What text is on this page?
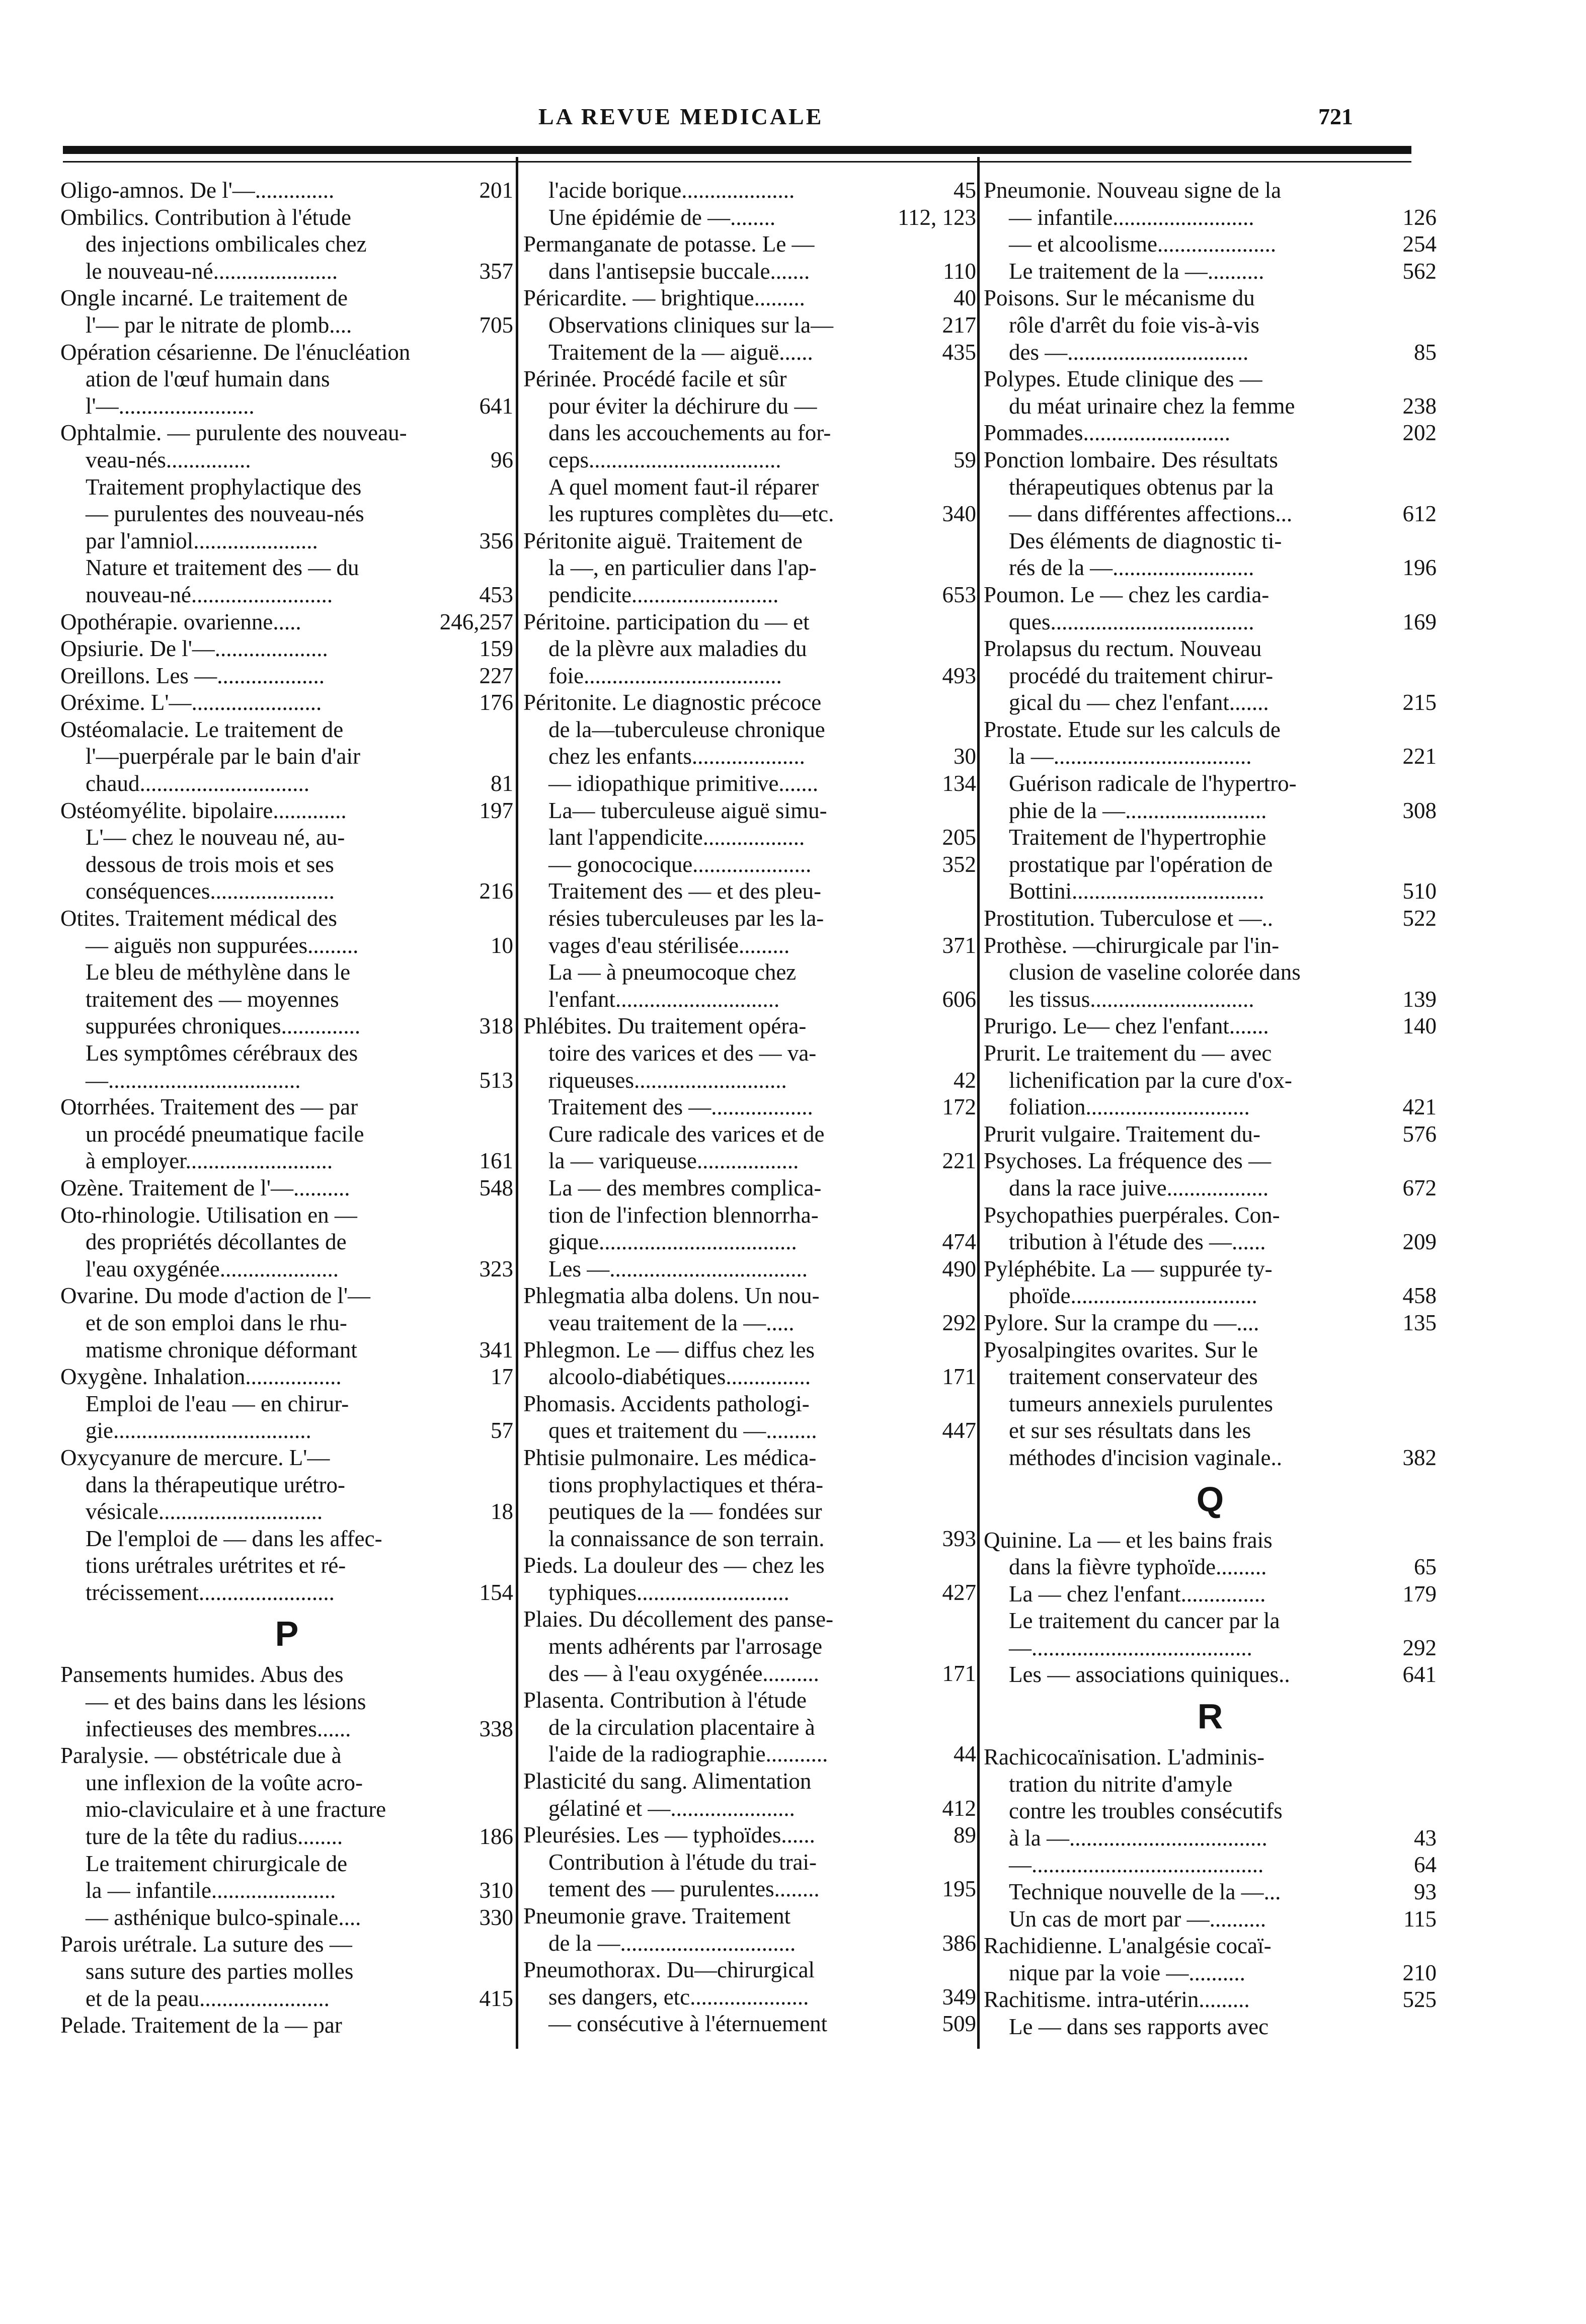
LA REVUE MEDICALE	721
Oligo-amnos. De l'—..............	201
Ombilics. Contribution à l'étude
des injections ombilicales chez
le nouveau-né......................	357
Ongle incarné. Le traitement de
l'— par le nitrate de plomb....	705
Opération césarienne. De l'énucléation
ation de l'œuf humain dans
l'—........................	641
Ophtalmie. — purulente des nouveau-
veau-nés...............	96
Traitement prophylactique des
— purulentes des nouveau-nés
par l'amniol......................	356
Nature et traitement des — du
nouveau-né.........................	453
Opothérapie. ovarienne.....	246,257
Opsiurie. De l'—....................	159
Oreillons. Les —...................	227
Oréxime. L'—.......................	176
Ostéomalacie. Le traitement de
l'—puerpérale par le bain d'air
chaud..............................	81
Ostéomyélite. bipolaire.............	197
L'— chez le nouveau né, au-
dessous de trois mois et ses
conséquences......................	216
Otites. Traitement médical des
— aiguës non suppurées.........	10
Le bleu de méthylène dans le
traitement des — moyennes
suppurées chroniques..............	318
Les symptômes cérébraux des
—..................................	513
Otorrhées. Traitement des — par
un procédé pneumatique facile
à employer..........................	161
Ozène. Traitement de l'—..........	548
Oto-rhinologie. Utilisation en —
des propriétés décollantes de
l'eau oxygénée.....................	323
Ovarine. Du mode d'action de l'—
et de son emploi dans le rhu-
matisme chronique déformant	341
Oxygène. Inhalation.................	17
Emploi de l'eau — en chirur-
gie...................................	57
Oxycyanure de mercure. L'—
dans la thérapeutique urétro-
vésicale.............................	18
De l'emploi de — dans les affec-
tions urétrales urétrites et ré-
trécissement........................	154
P
Pansements humides. Abus des
— et des bains dans les lésions
infectieuses des membres......	338
Paralysie. — obstétricale due à
une inflexion de la voûte acro-
mio-claviculaire et à une fracture
ture de la tête du radius........	186
Le traitement chirurgicale de
la — infantile......................	310
— asthénique bulco-spinale....	330
Parois urétrale. La suture des —
sans suture des parties molles
et de la peau.......................	415
Pelade. Traitement de la — par
l'acide borique....................	45
Une épidémie de —........	112, 123
Permanganate de potasse. Le —
dans l'antisepsie buccale.......	110
Péricardite. — brightique.........	40
Observations cliniques sur la—	217
Traitement de la — aiguë......	435
Périnée. Procédé facile et sûr
pour éviter la déchirure du —
dans les accouchements au for-
ceps..................................	59
A quel moment faut-il réparer
les ruptures complètes du—etc.	340
Péritonite aiguë. Traitement de
la —, en particulier dans l'ap-
pendicite..........................	653
Péritoine. participation du — et
de la plèvre aux maladies du
foie...................................	493
Péritonite. Le diagnostic précoce
de la—tuberculeuse chronique
chez les enfants....................	30
— idiopathique primitive.......	134
La— tuberculeuse aiguë simu-
lant l'appendicite..................	205
— gonococique.....................	352
Traitement des — et des pleu-
résies tuberculeuses par les la-
vages d'eau stérilisée.........	371
La — à pneumocoque chez
l'enfant.............................	606
Phlébites. Du traitement opéra-
toire des varices et des — va-
riqueuses...........................	42
Traitement des —..................	172
Cure radicale des varices et de
la — variqueuse..................	221
La — des membres complica-
tion de l'infection blennorrha-
gique...................................	474
Les —...................................	490
Phlegmatia alba dolens. Un nou-
veau traitement de la —.....	292
Phlegmon. Le — diffus chez les
alcoolo-diabétiques...............	171
Phomasis. Accidents pathologi-
ques et traitement du —.........	447
Phtisie pulmonaire. Les médica-
tions prophylactiques et théra-
peutiques de la — fondées sur
la connaissance de son terrain.	393
Pieds. La douleur des — chez les
typhiques...........................	427
Plaies. Du décollement des panse-
ments adhérents par l'arrosage
des — à l'eau oxygénée..........	171
Plasenta. Contribution à l'étude
de la circulation placentaire à
l'aide de la radiographie...........	44
Plasticité du sang. Alimentation
gélatiné et —......................	412
Pleurésies. Les — typhoïdes......	89
Contribution à l'étude du trai-
tement des — purulentes........	195
Pneumonie grave. Traitement
de la —...............................	386
Pneumothorax. Du—chirurgical
ses dangers, etc.....................	349
— consécutive à l'éternuement	509
Pneumonie. Nouveau signe de la
— infantile.........................	126
— et alcoolisme.....................	254
Le traitement de la —..........	562
Poisons. Sur le mécanisme du
rôle d'arrêt du foie vis-à-vis
des —................................	85
Polypes. Etude clinique des —
du méat urinaire chez la femme	238
Pommades..........................	202
Ponction lombaire. Des résultats
thérapeutiques obtenus par la
— dans différentes affections...	612
Des éléments de diagnostic ti-
rés de la —.........................	196
Poumon. Le — chez les cardia-
ques....................................	169
Prolapsus du rectum. Nouveau
procédé du traitement chirur-
gical du — chez l'enfant.......	215
Prostate. Etude sur les calculs de
la —...................................	221
Guérison radicale de l'hypertro-
phie de la —.........................	308
Traitement de l'hypertrophie
prostatique par l'opération de
Bottini..................................	510
Prostitution. Tuberculose et —..	522
Prothèse. —chirurgicale par l'in-
clusion de vaseline colorée dans
les tissus.............................	139
Prurigo. Le— chez l'enfant.......	140
Prurit. Le traitement du — avec
lichenification par la cure d'ox-
foliation.............................	421
Prurit vulgaire. Traitement du-	576
Psychoses. La fréquence des —
dans la race juive..................	672
Psychopathies puerpérales. Con-
tribution à l'étude des —......	209
Pyléphébite. La — suppurée ty-
phoïde.................................	458
Pylore. Sur la crampe du —....	135
Pyosalpingites ovarites. Sur le
traitement conservateur des
tumeurs annexiels purulentes
et sur ses résultats dans les
méthodes d'incision vaginale..	382
Q
Quinine. La — et les bains frais
dans la fièvre typhoïde.........	65
La — chez l'enfant...............	179
Le traitement du cancer par la
—.......................................	292
Les — associations quiniques..	641
R
Rachicocaïnisation. L'adminis-
tration du nitrite d'amyle
contre les troubles consécutifs
à la —...................................	43
—.........................................	64
Technique nouvelle de la —...	93
Un cas de mort par —..........	115
Rachidienne. L'analgésie cocaï-
nique par la voie —..........	210
Rachitisme. intra-utérin.........	525
Le — dans ses rapports avec
